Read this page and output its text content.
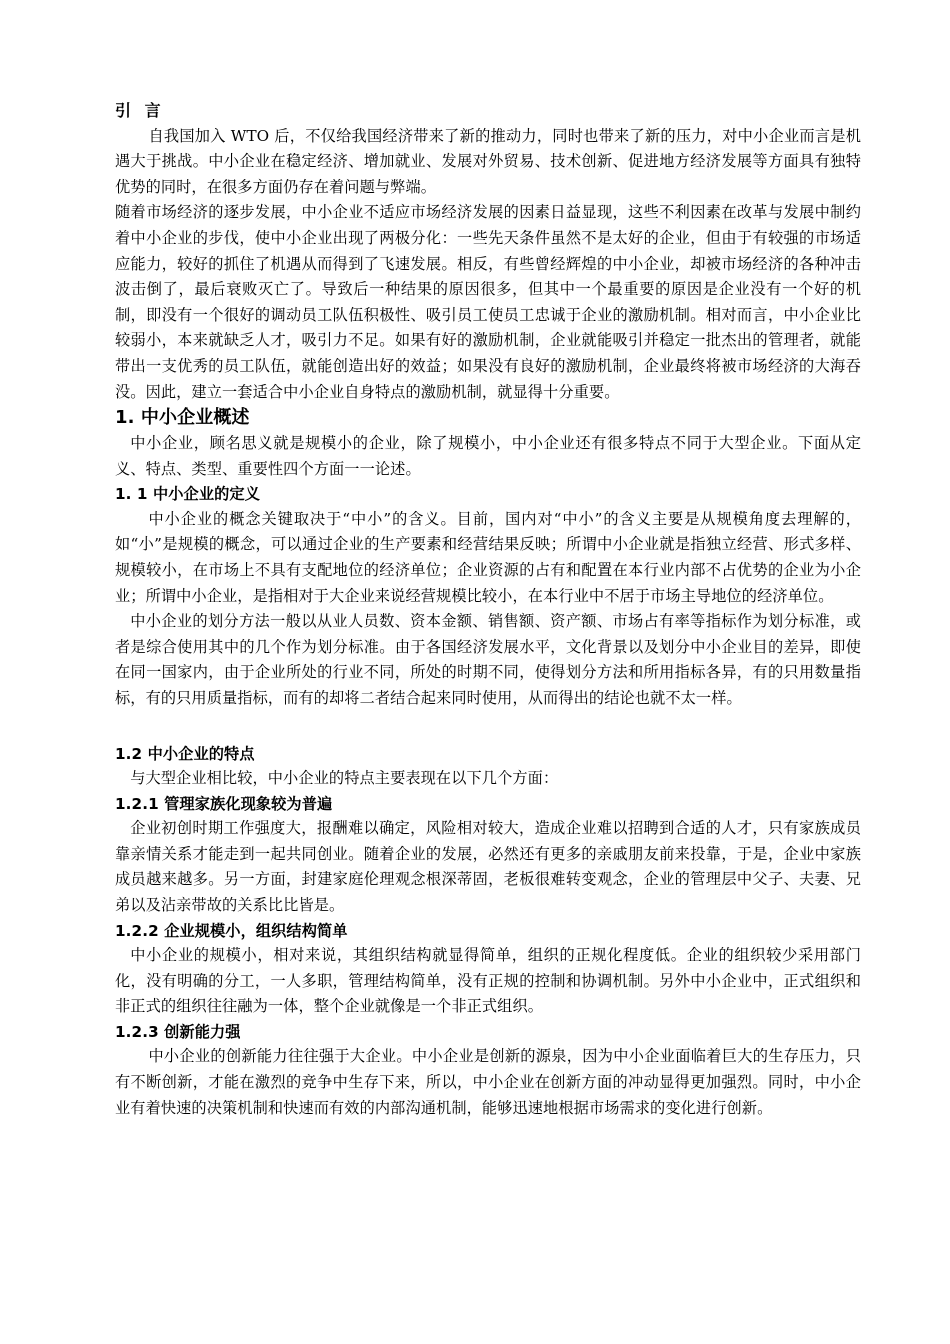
引 言

自我国加入 WTO 后，不仅给我国经济带来了新的推动力，同时也带来了新的压力，对中小企业而言是机遇大于挑战。中小企业在稳定经济、增加就业、发展对外贸易、技术创新、促进地方经济发展等方面具有独特优势的同时，在很多方面仍存在着问题与弊端。

随着市场经济的逐步发展，中小企业不适应市场经济发展的因素日益显现，这些不利因素在改革与发展中制约着中小企业的步伐，使中小企业出现了两极分化：一些先天条件虽然不是太好的企业，但由于有较强的市场适应能力，较好的抓住了机遇从而得到了飞速发展。相反，有些曾经辉煌的中小企业，却被市场经济的各种冲击波击倒了，最后衰败灭亡了。导致后一种结果的原因很多，但其中一个最重要的原因是企业没有一个好的机制，即没有一个很好的调动员工队伍积极性、吸引员工使员工忠诚于企业的激励机制。相对而言，中小企业比较弱小，本来就缺乏人才，吸引力不足。如果有好的激励机制，企业就能吸引并稳定一批杰出的管理者，就能带出一支优秀的员工队伍，就能创造出好的效益；如果没有良好的激励机制，企业最终将被市场经济的大海吞没。因此，建立一套适合中小企业自身特点的激励机制，就显得十分重要。

1. 中小企业概述

中小企业，顾名思义就是规模小的企业，除了规模小，中小企业还有很多特点不同于大型企业。下面从定义、特点、类型、重要性四个方面一一论述。

1. 1 中小企业的定义

中小企业的概念关键取决于“中小”的含义。目前，国内对“中小”的含义主要是从规模角度去理解的，如“小”是规模的概念，可以通过企业的生产要素和经营结果反映；所谓中小企业就是指独立经营、形式多样、规模较小，在市场上不具有支配地位的经济单位；企业资源的占有和配置在本行业内部不占优势的企业为小企业；所谓中小企业，是指相对于大企业来说经营规模比较小，在本行业中不居于市场主导地位的经济单位。

中小企业的划分方法一般以从业人员数、资本金额、销售额、资产额、市场占有率等指标作为划分标准，或者是综合使用其中的几个作为划分标准。由于各国经济发展水平，文化背景以及划分中小企业目的差异，即使在同一国家内，由于企业所处的行业不同，所处的时期不同，使得划分方法和所用指标各异，有的只用数量指标，有的只用质量指标，而有的却将二者结合起来同时使用，从而得出的结论也就不太一样。

1.2 中小企业的特点

与大型企业相比较，中小企业的特点主要表现在以下几个方面：

1.2.1 管理家族化现象较为普遍

企业初创时期工作强度大，报酬难以确定，风险相对较大，造成企业难以招聘到合适的人才，只有家族成员靠亲情关系才能走到一起共同创业。随着企业的发展，必然还有更多的亲戚朋友前来投靠，于是，企业中家族成员越来越多。另一方面，封建家庭伦理观念根深蒂固，老板很难转变观念，企业的管理层中父子、夫妻、兄弟以及沾亲带故的关系比比皆是。

1.2.2 企业规模小，组织结构简单

中小企业的规模小，相对来说，其组织结构就显得简单，组织的正规化程度低。企业的组织较少采用部门化，没有明确的分工，一人多职，管理结构简单，没有正规的控制和协调机制。另外中小企业中，正式组织和非正式的组织往往融为一体，整个企业就像是一个非正式组织。

1.2.3 创新能力强

中小企业的创新能力往往强于大企业。中小企业是创新的源泉，因为中小企业面临着巨大的生存压力，只有不断创新，才能在激烈的竞争中生存下来，所以，中小企业在创新方面的冲动显得更加强烈。同时，中小企业有着快速的决策机制和快速而有效的内部沟通机制，能够迅速地根据市场需求的变化进行创新。
